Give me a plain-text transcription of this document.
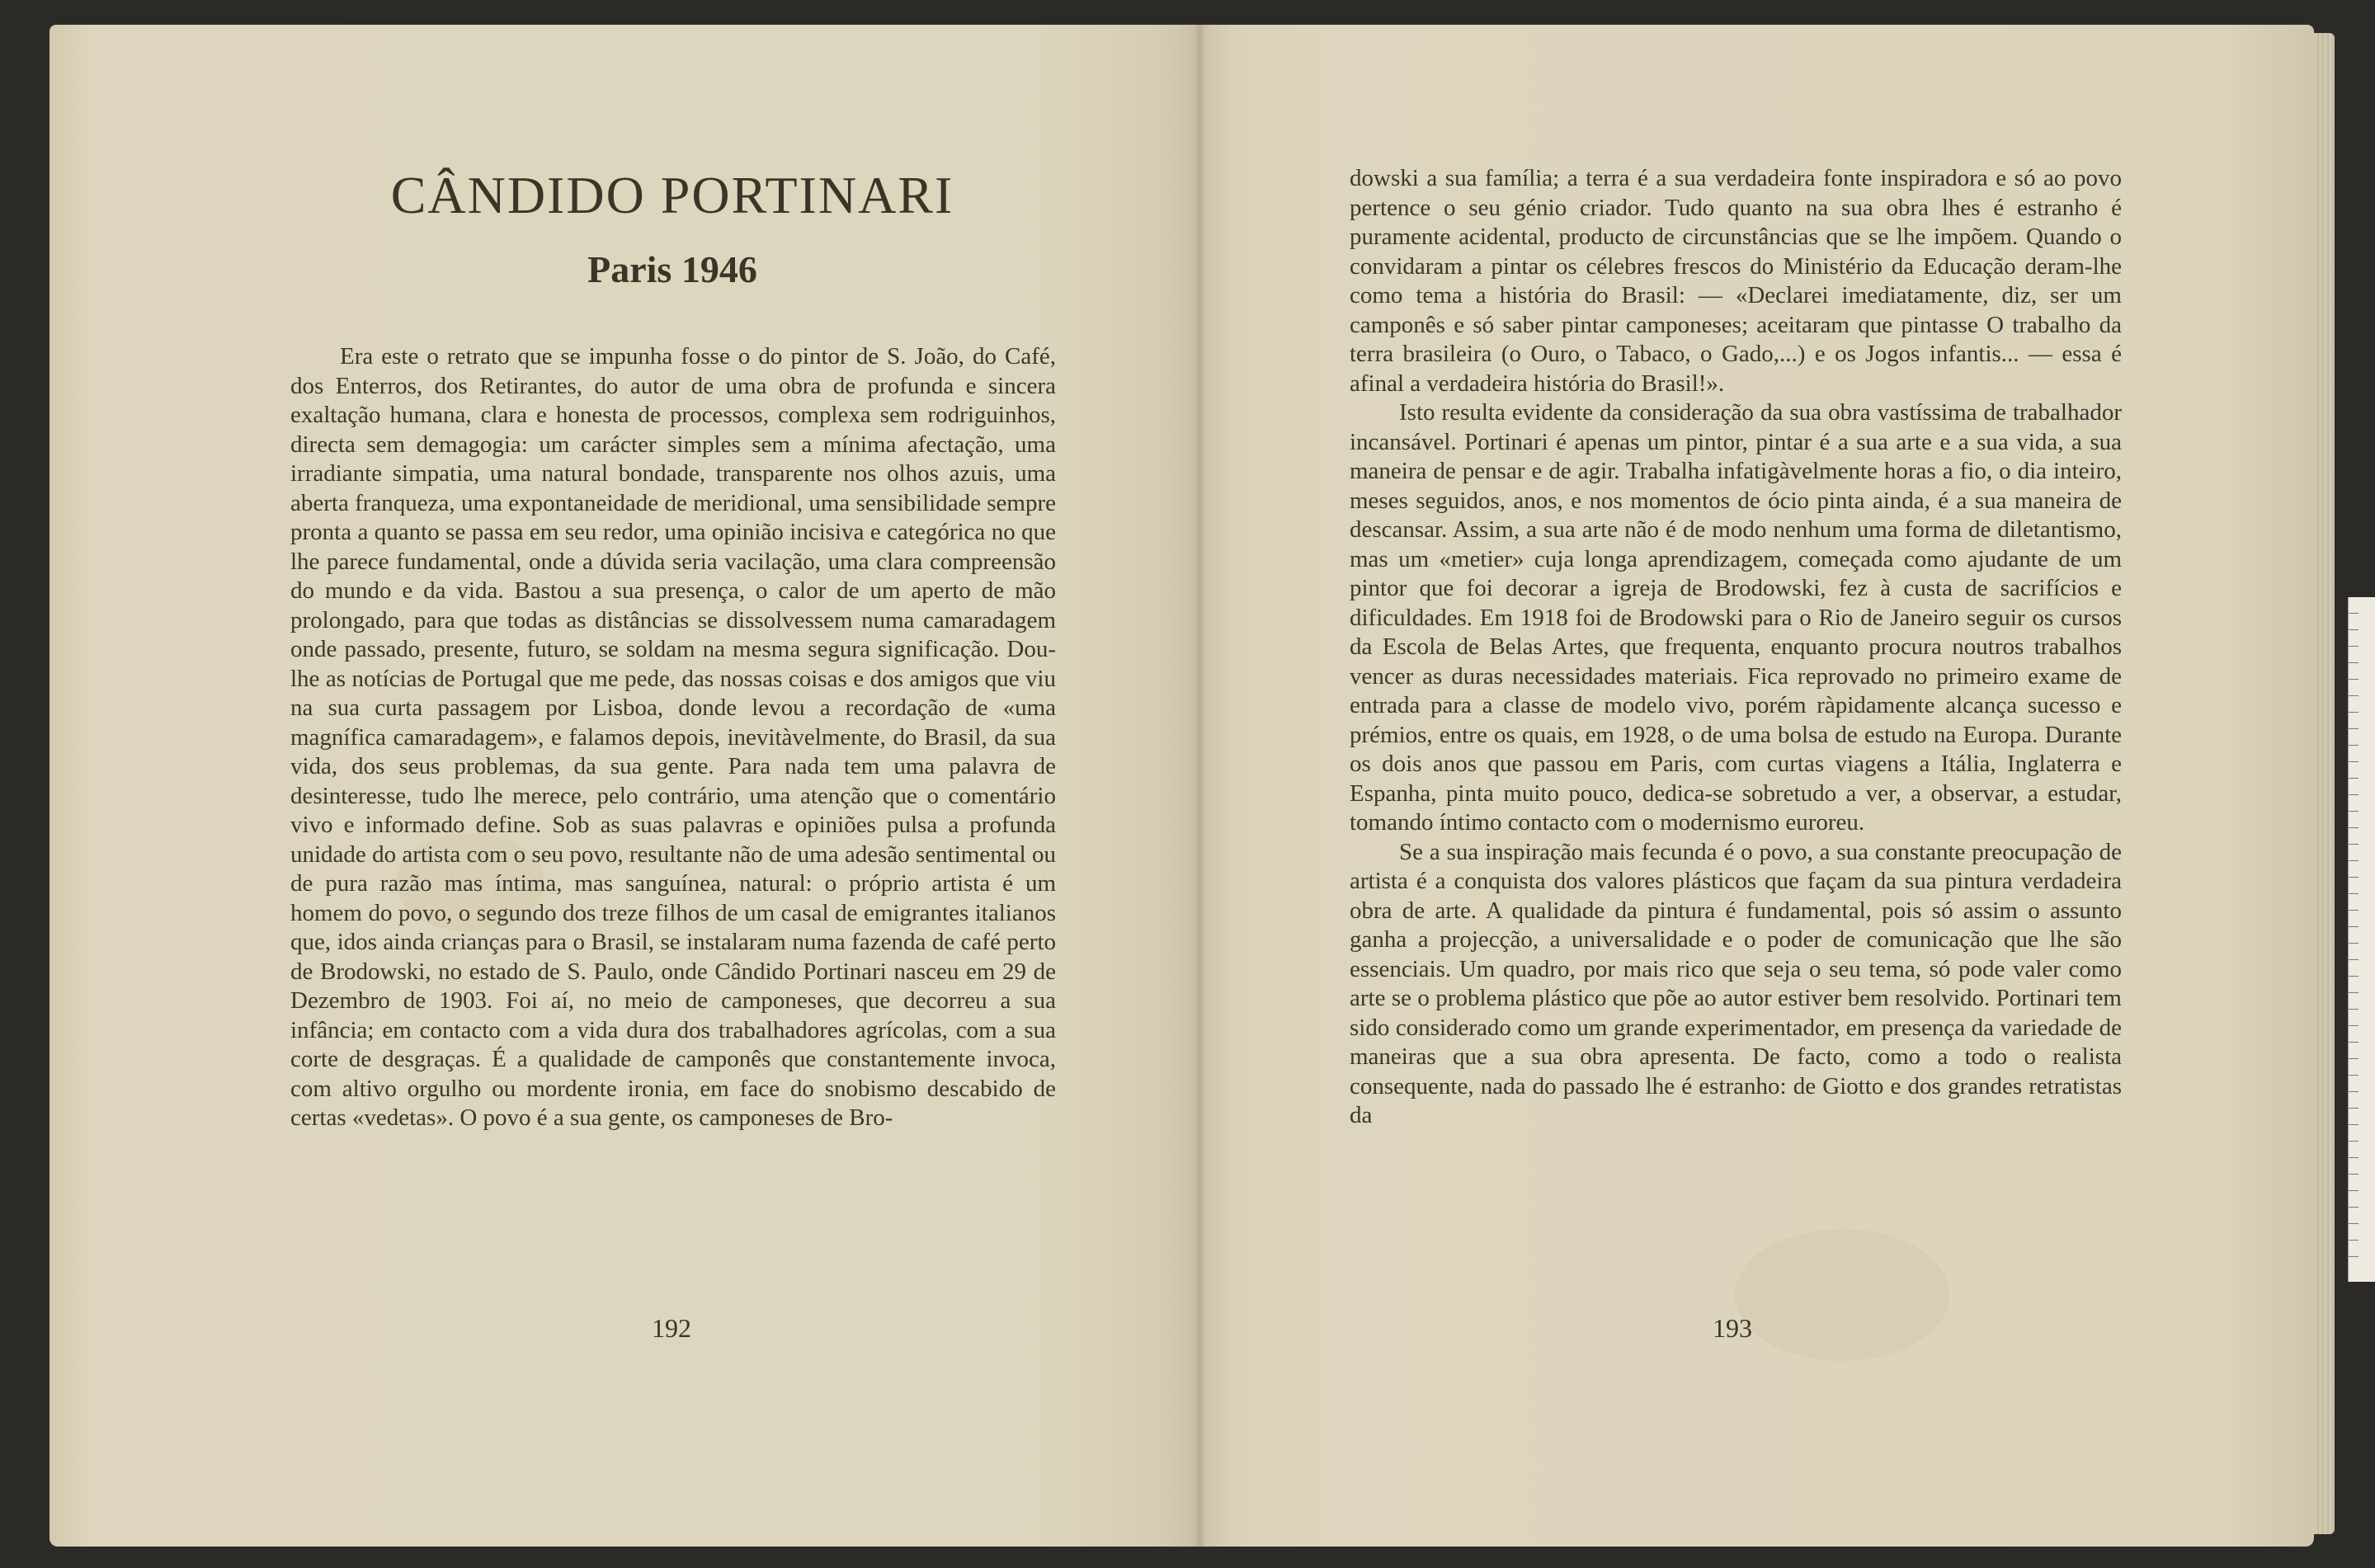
CÂNDIDO PORTINARI
Paris 1946

Era este o retrato que se impunha fosse o do pintor de S. João, do Café, dos Enterros, dos Retirantes, do autor de uma obra de profunda e sincera exaltação humana, clara e honesta de processos, complexa sem rodriguinhos, directa sem demagogia: um carácter simples sem a mínima afectação, uma irradiante simpatia, uma natural bondade, transparente nos olhos azuis, uma aberta franqueza, uma expontaneidade de meridional, uma sensibilidade sempre pronta a quanto se passa em seu redor, uma opinião incisiva e categórica no que lhe parece fundamental, onde a dúvida seria vacilação, uma clara compreensão do mundo e da vida. Bastou a sua presença, o calor de um aperto de mão prolongado, para que todas as distâncias se dissolvessem numa camaradagem onde passado, presente, futuro, se soldam na mesma segura significação. Dou-lhe as notícias de Portugal que me pede, das nossas coisas e dos amigos que viu na sua curta passagem por Lisboa, donde levou a recordação de «uma magnífica camaradagem», e falamos depois, inevitàvelmente, do Brasil, da sua vida, dos seus problemas, da sua gente. Para nada tem uma palavra de desinteresse, tudo lhe merece, pelo contrário, uma atenção que o comentário vivo e informado define. Sob as suas palavras e opiniões pulsa a profunda unidade do artista com o seu povo, resultante não de uma adesão sentimental ou de pura razão mas íntima, mas sanguínea, natural: o próprio artista é um homem do povo, o segundo dos treze filhos de um casal de emigrantes italianos que, idos ainda crianças para o Brasil, se instalaram numa fazenda de café perto de Brodowski, no estado de S. Paulo, onde Cândido Portinari nasceu em 29 de Dezembro de 1903. Foi aí, no meio de camponeses, que decorreu a sua infância; em contacto com a vida dura dos trabalhadores agrícolas, com a sua corte de desgraças. É a qualidade de camponês que constantemente invoca, com altivo orgulho ou mordente ironia, em face do snobismo descabido de certas «vedetas». O povo é a sua gente, os camponeses de Bro-

dowski a sua família; a terra é a sua verdadeira fonte inspiradora e só ao povo pertence o seu génio criador. Tudo quanto na sua obra lhes é estranho é puramente acidental, producto de circunstâncias que se lhe impõem. Quando o convidaram a pintar os célebres frescos do Ministério da Educação deram-lhe como tema a história do Brasil: — «Declarei imediatamente, diz, ser um camponês e só saber pintar camponeses; aceitaram que pintasse O trabalho da terra brasileira (o Ouro, o Tabaco, o Gado,...) e os Jogos infantis... — essa é afinal a verdadeira história do Brasil!».

Isto resulta evidente da consideração da sua obra vastíssima de trabalhador incansável. Portinari é apenas um pintor, pintar é a sua arte e a sua vida, a sua maneira de pensar e de agir. Trabalha infatigàvelmente horas a fio, o dia inteiro, meses seguidos, anos, e nos momentos de ócio pinta ainda, é a sua maneira de descansar. Assim, a sua arte não é de modo nenhum uma forma de diletantismo, mas um «metier» cuja longa aprendizagem, começada como ajudante de um pintor que foi decorar a igreja de Brodowski, fez à custa de sacrifícios e dificuldades. Em 1918 foi de Brodowski para o Rio de Janeiro seguir os cursos da Escola de Belas Artes, que frequenta, enquanto procura noutros trabalhos vencer as duras necessidades materiais. Fica reprovado no primeiro exame de entrada para a classe de modelo vivo, porém ràpidamente alcança sucesso e prémios, entre os quais, em 1928, o de uma bolsa de estudo na Europa. Durante os dois anos que passou em Paris, com curtas viagens a Itália, Inglaterra e Espanha, pinta muito pouco, dedica-se sobretudo a ver, a observar, a estudar, tomando íntimo contacto com o modernismo euroreu.

Se a sua inspiração mais fecunda é o povo, a sua constante preocupação de artista é a conquista dos valores plásticos que façam da sua pintura verdadeira obra de arte. A qualidade da pintura é fundamental, pois só assim o assunto ganha a projecção, a universalidade e o poder de comunicação que lhe são essenciais. Um quadro, por mais rico que seja o seu tema, só pode valer como arte se o problema plástico que põe ao autor estiver bem resolvido. Portinari tem sido considerado como um grande experimentador, em presença da variedade de maneiras que a sua obra apresenta. De facto, como a todo o realista consequente, nada do passado lhe é estranho: de Giotto e dos grandes retratistas da

192	193
